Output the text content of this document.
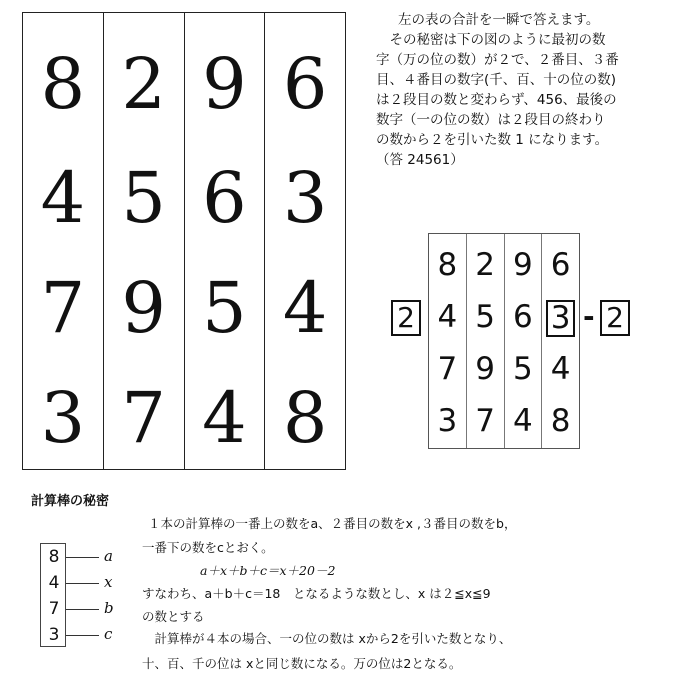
8
4
7
3
2
5
9
7
9
6
5
4
6
3
4
8
左の表の合計を一瞬で答えます。
　その秘密は下の図のように最初の数
字（万の位の数）が２で、２番目、３番
目、４番目の数字(千、百、十の位の数)
は２段目の数と変わらず、456、最後の
数字（一の位の数）は２段目の終わり
の数から２を引いた数 1 になります。
（答 24561）
2
8
4
7
3
2
5
9
7
9
6
5
4
6
3
4
8
- 2
計算棒の秘密
8
4
7
3
a
x
b
c
１本の計算棒の一番上の数をa、２番目の数をx ,３番目の数をb，
一番下の数をcとおく。
a＋x＋b＋c＝x＋20－2
すなわち、a＋b＋c＝18　となるような数とし、x は２≦x≦9
の数とする
　計算棒が４本の場合、一の位の数は xから2を引いた数となり、
十、百、千の位は xと同じ数になる。万の位は2となる。
